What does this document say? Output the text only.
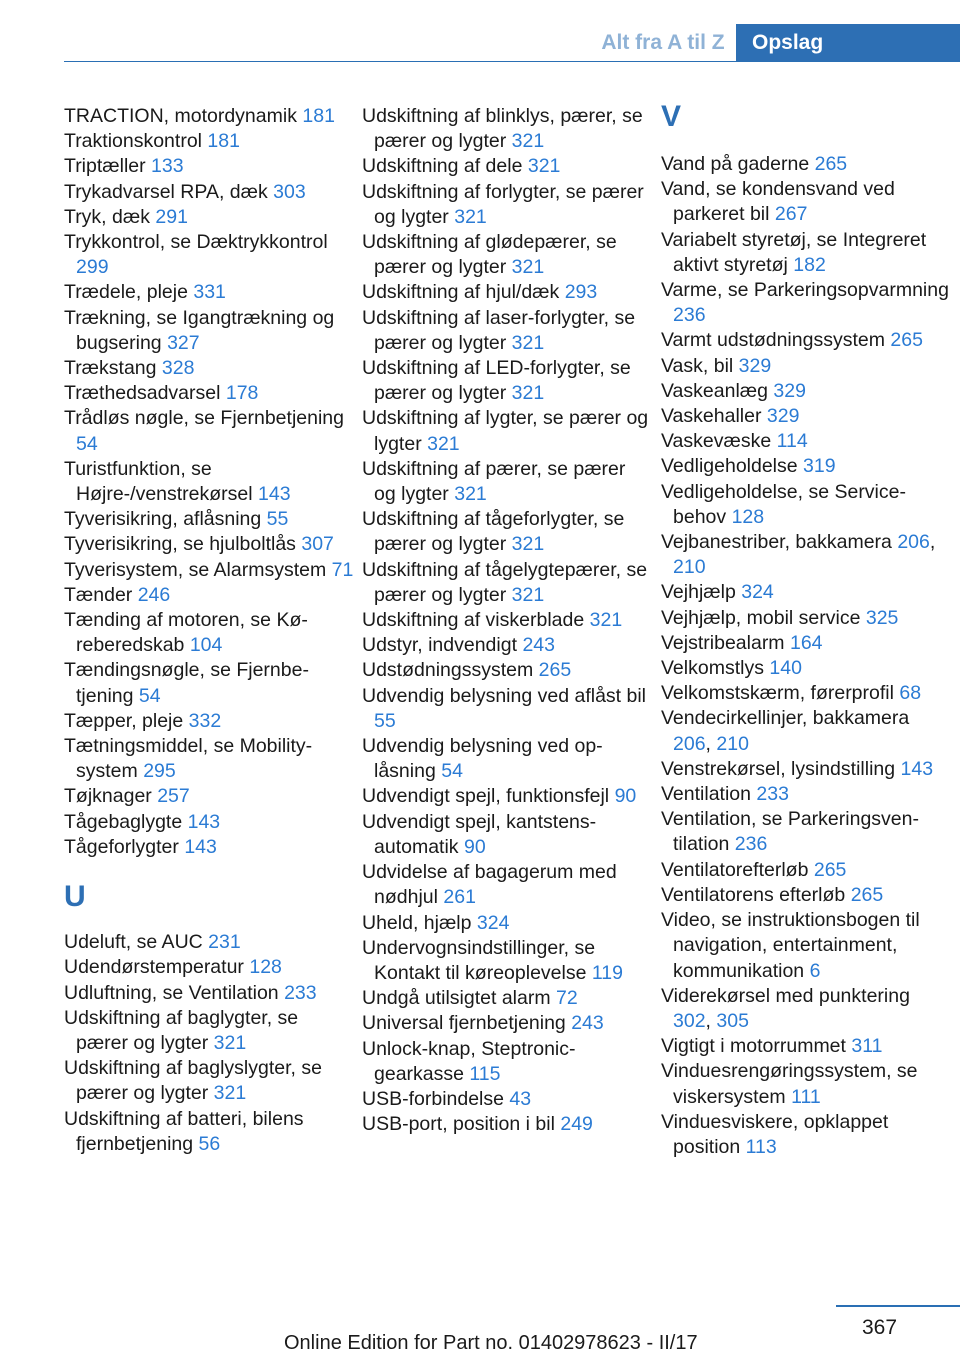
Alt fra A til Z	Opslag
TRACTION, motordynamik 181
Traktionskontrol 181
Triptæller 133
Trykadvarsel RPA, dæk 303
Tryk, dæk 291
Trykkontrol, se Dæktrykkontrol 299
Trædele, pleje 331
Trækning, se Igangtrækning og bugsering 327
Trækstang 328
Træthedsadvarsel 178
Trådløs nøgle, se Fjernbetjening 54
Turistfunktion, se Højre-/venstrekørsel 143
Tyverisikring, aflåsning 55
Tyverisikring, se hjulboltlås 307
Tyverisystem, se Alarmsystem 71
Tænder 246
Tænding af motoren, se Køreberedskab 104
Tændingsnøgle, se Fjernbetjening 54
Tæpper, pleje 332
Tætningsmiddel, se Mobility-system 295
Tøjknager 257
Tågebaglygte 143
Tågeforlygter 143
U
Udeluft, se AUC 231
Udendørstemperatur 128
Udluftning, se Ventilation 233
Udskiftning af baglygter, se pærer og lygter 321
Udskiftning af baglyslygter, se pærer og lygter 321
Udskiftning af batteri, bilens fjernbetjening 56
Udskiftning af blinklys, pærer, se pærer og lygter 321
Udskiftning af dele 321
Udskiftning af forlygter, se pærer og lygter 321
Udskiftning af glødepærer, se pærer og lygter 321
Udskiftning af hjul/dæk 293
Udskiftning af laser-forlygter, se pærer og lygter 321
Udskiftning af LED-forlygter, se pærer og lygter 321
Udskiftning af lygter, se pærer og lygter 321
Udskiftning af pærer, se pærer og lygter 321
Udskiftning af tågeforlygter, se pærer og lygter 321
Udskiftning af tågelygtepærer, se pærer og lygter 321
Udskiftning af viskerblade 321
Udstyr, indvendigt 243
Udstødningssystem 265
Udvendig belysning ved aflåst bil 55
Udvendig belysning ved oplåsning 54
Udvendigt spejl, funktionsfejl 90
Udvendigt spejl, kantstensautomatik 90
Udvidelse af bagagerum med nødhjul 261
Uheld, hjælp 324
Undervognsindstillinger, se Kontakt til køreoplevelse 119
Undgå utilsigtet alarm 72
Universal fjernbetjening 243
Unlock-knap, Steptronic-gearkasse 115
USB-forbindelse 43
USB-port, position i bil 249
V
Vand på gaderne 265
Vand, se kondensvand ved parkeret bil 267
Variabelt styretøj, se Integreret aktivt styretøj 182
Varme, se Parkeringsopvarmning 236
Varmt udstødningssystem 265
Vask, bil 329
Vaskeanlæg 329
Vaskehaller 329
Vaskevæske 114
Vedligeholdelse 319
Vedligeholdelse, se Servicebehov 128
Vejbanestriber, bakkamera 206, 210
Vejhjælp 324
Vejhjælp, mobil service 325
Vejstribealarm 164
Velkomstlys 140
Velkomstskærm, førerprofil 68
Vendecirkellinjer, bakkamera 206, 210
Venstrekørsel, lysindstilling 143
Ventilation 233
Ventilation, se Parkeringsventilation 236
Ventilatorefterløb 265
Ventilatorens efterløb 265
Video, se instruktionsbogen til navigation, entertainment, kommunikation 6
Viderekørsel med punktering 302, 305
Vigtigt i motorrummet 311
Vinduesrengøringssystem, se viskersystem 111
Vinduesviskere, opklappet position 113
367
Online Edition for Part no. 01402978623 - II/17
